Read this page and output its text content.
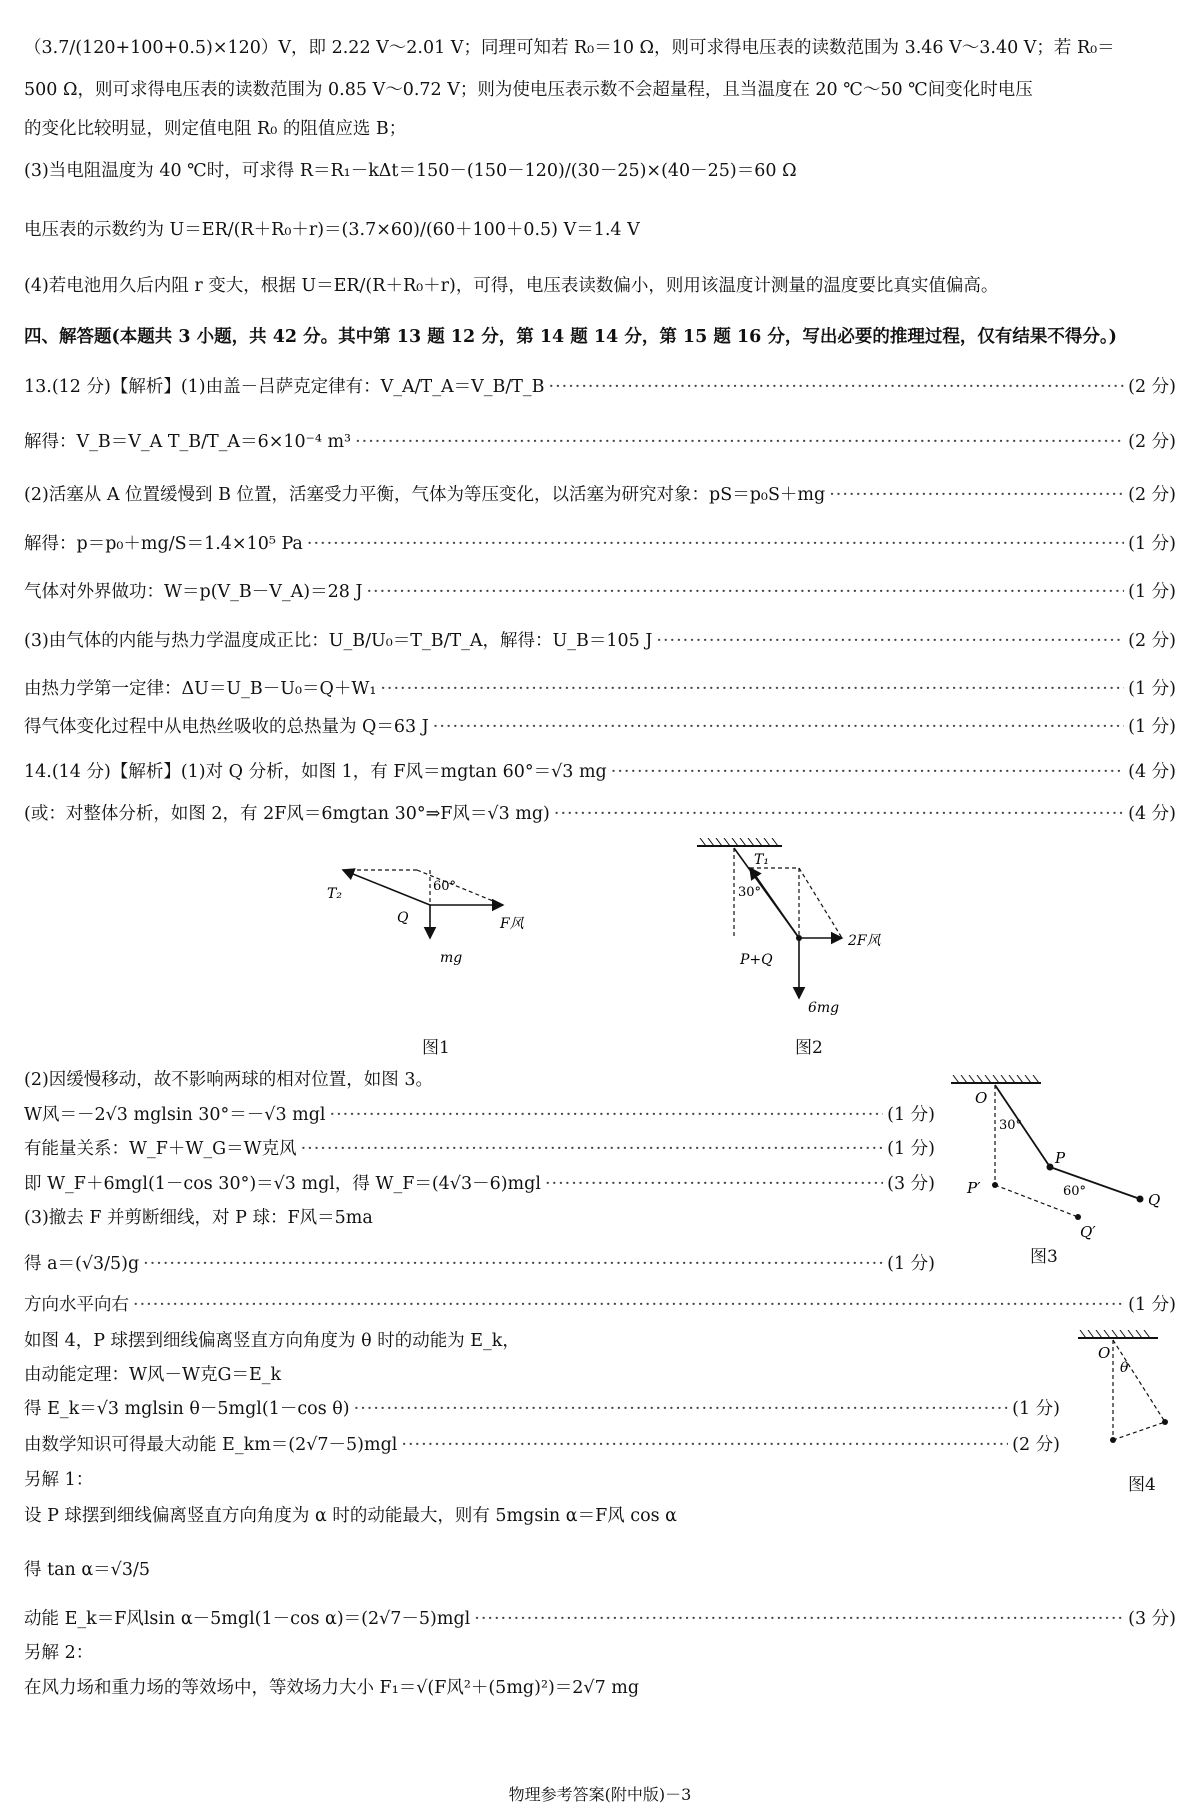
（3.7/(120+100+0.5)×120）V，即 2.22 V～2.01 V；同理可知若 R₀＝10 Ω，则可求得电压表的读数范围为 3.46 V～3.40 V；若 R₀＝
500 Ω，则可求得电压表的读数范围为 0.85 V～0.72 V；则为使电压表示数不会超量程，且当温度在 20 ℃～50 ℃间变化时电压
的变化比较明显，则定值电阻 R₀ 的阻值应选 B；
(3)当电阻温度为 40 ℃时，可求得 R＝R₁－kΔt＝150－(150－120)/(30－25)×(40－25)＝60 Ω
电压表的示数约为 U＝ER/(R＋R₀＋r)＝(3.7×60)/(60＋100＋0.5) V＝1.4 V
(4)若电池用久后内阻 r 变大，根据 U＝ER/(R＋R₀＋r)，可得，电压表读数偏小，则用该温度计测量的温度要比真实值偏高。
四、解答题(本题共 3 小题，共 42 分。其中第 13 题 12 分，第 14 题 14 分，第 15 题 16 分，写出必要的推理过程，仅有结果不得分。)
13.(12 分)【解析】(1)由盖－吕萨克定律有：V_A/T_A＝V_B/T_B ·····	(2 分)
解得：V_B＝V_A T_B/T_A＝6×10⁻⁴ m³ ·····	(2 分)
(2)活塞从 A 位置缓慢到 B 位置，活塞受力平衡，气体为等压变化，以活塞为研究对象：pS＝p₀S＋mg ·····	(2 分)
解得：p＝p₀＋mg/S＝1.4×10⁵ Pa ·····	(1 分)
气体对外界做功：W＝p(V_B－V_A)＝28 J ·····	(1 分)
(3)由气体的内能与热力学温度成正比：U_B/U₀＝T_B/T_A，解得：U_B＝105 J ·····	(2 分)
由热力学第一定律：ΔU＝U_B－U₀＝Q＋W₁ ·····	(1 分)
得气体变化过程中从电热丝吸收的总热量为 Q＝63 J ·····	(1 分)
14.(14 分)【解析】(1)对 Q 分析，如图 1，有 F风＝mgtan 60°＝√3 mg ·····	(4 分)
(或：对整体分析，如图 2，有 2F风＝6mgtan 30°⇒F风＝√3 mg) ·····	(4 分)
T₂	60°
Q	F风
mg
图1
T₁
30°
P+Q
2F风
6mg
图2
(2)因缓慢移动，故不影响两球的相对位置，如图 3。
W风＝－2√3 mglsin 30°＝－√3 mgl ·····	(1 分)
有能量关系：W_F＋W_G＝W克风 ·····	(1 分)
即 W_F＋6mgl(1－cos 30°)＝√3 mgl，得 W_F＝(4√3－6)mgl ·····	(3 分)
(3)撤去 F 并剪断细线，对 P 球：F风＝5ma
得 a＝(√3/5)g ·····	(1 分)
O
30°
P
60°	Q
P′
Q′
图3
方向水平向右 ·····	(1 分)
如图 4，P 球摆到细线偏离竖直方向角度为 θ 时的动能为 E_k，
由动能定理：W风－W克G＝E_k
得 E_k＝√3 mglsin θ－5mgl(1－cos θ) ·····	(1 分)
由数学知识可得最大动能 E_km＝(2√7－5)mgl ·····	(2 分)
另解 1：
O
θ
图4
设 P 球摆到细线偏离竖直方向角度为 α 时的动能最大，则有 5mgsin α＝F风 cos α
得 tan α＝√3/5
动能 E_k＝F风lsin α－5mgl(1－cos α)＝(2√7－5)mgl ·····	(3 分)
另解 2：
在风力场和重力场的等效场中，等效场力大小 F₁＝√(F风²＋(5mg)²)＝2√7 mg
物理参考答案(附中版)－3
